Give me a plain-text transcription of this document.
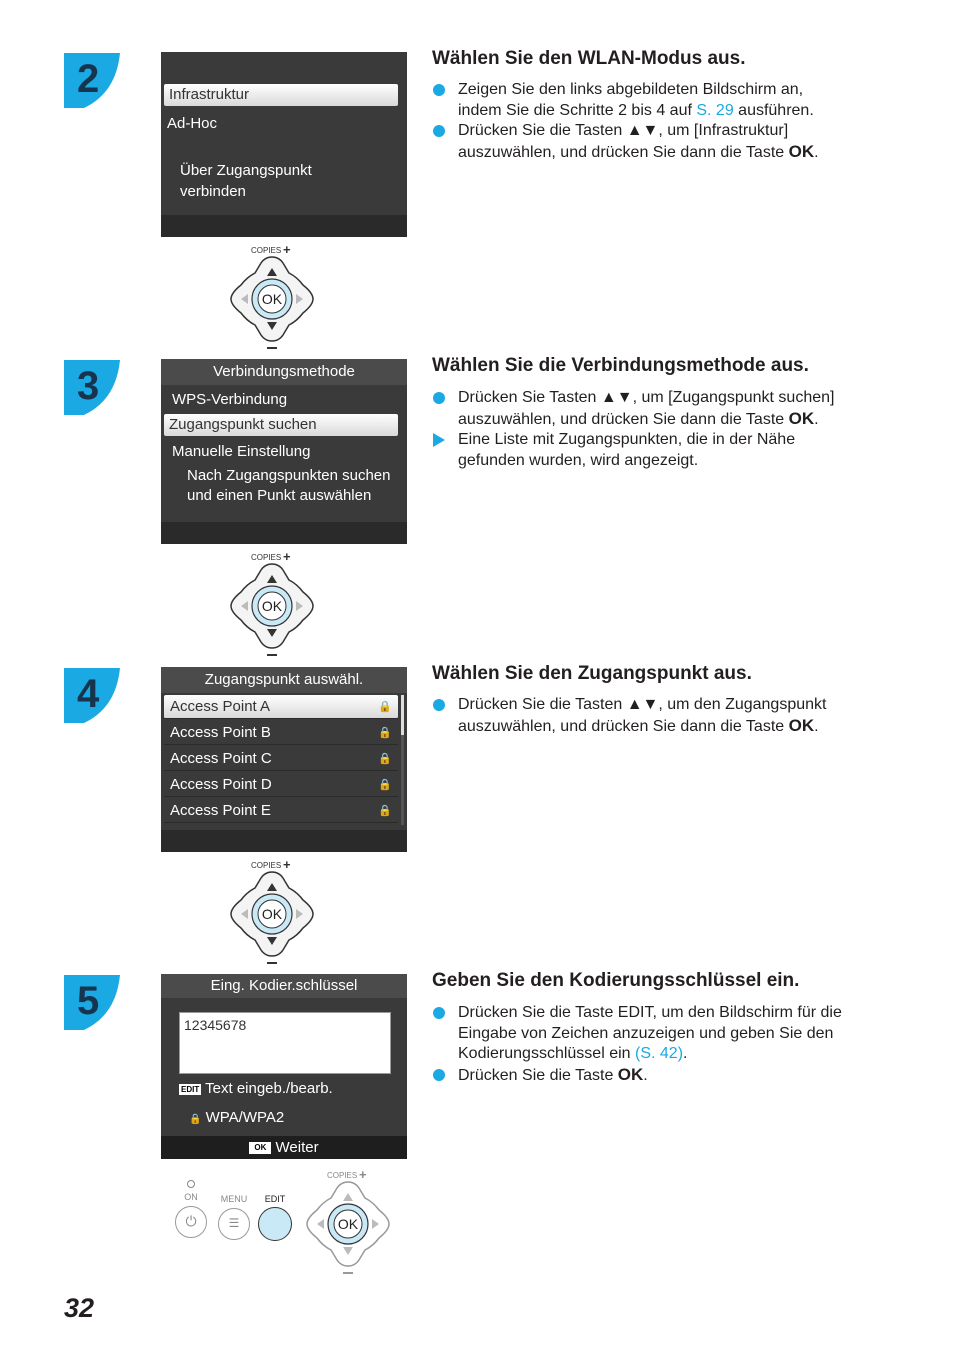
2	Infrastruktur
Ad-Hoc
Über Zugangspunkt
verbinden
COPIES +
OK
Wählen Sie den WLAN-Modus aus.
Zeigen Sie den links abgebildeten Bildschirm an,
indem Sie die Schritte 2 bis 4 auf S. 29 ausführen.
Drücken Sie die Tasten ▲▼, um [Infrastruktur]
auszuwählen, und drücken Sie dann die Taste OK.
3	Verbindungsmethode
WPS-Verbindung
Zugangspunkt suchen
Manuelle Einstellung
Nach Zugangspunkten suchen
und einen Punkt auswählen
COPIES +
OK
Wählen Sie die Verbindungsmethode aus.
Drücken Sie Tasten ▲▼, um [Zugangspunkt suchen]
auszuwählen, und drücken Sie dann die Taste OK.
Eine Liste mit Zugangspunkten, die in der Nähe
gefunden wurden, wird angezeigt.
4	Zugangspunkt auswähl.
Access Point A	🔒
Access Point B	🔒
Access Point C	🔒
Access Point D	🔒
Access Point E	🔒
COPIES +
OK
Wählen Sie den Zugangspunkt aus.
Drücken Sie die Tasten ▲▼, um den Zugangspunkt
auszuwählen, und drücken Sie dann die Taste OK.
5	Eing. Kodier.schlüssel
12345678
EDIT Text eingeb./bearb.
🔒 WPA/WPA2
OK Weiter
ON
⏻
MENU
☰
EDIT
COPIES +
OK
Geben Sie den Kodierungsschlüssel ein.
Drücken Sie die Taste EDIT, um den Bildschirm für die
Eingabe von Zeichen anzuzeigen und geben Sie den
Kodierungsschlüssel ein (S. 42).
Drücken Sie die Taste OK.
32
